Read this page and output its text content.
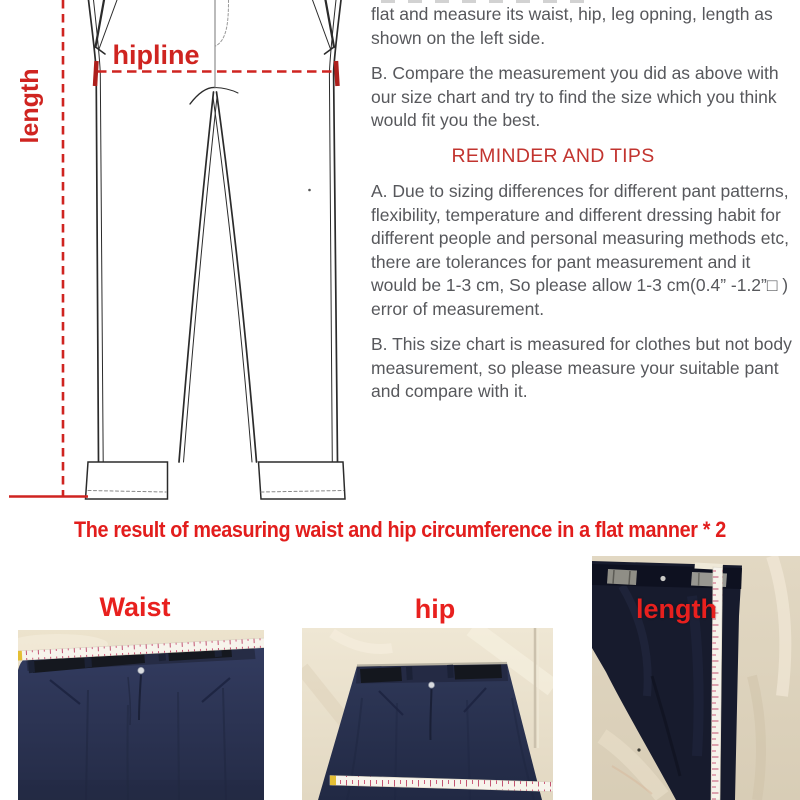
hipline
length

flat and measure its waist, hip, leg opning, length as shown on the left side.

B. Compare the measurement you did as above with our size chart and try to find the size which you think would fit you the best.

REMINDER AND TIPS

A. Due to sizing differences for different pant patterns, flexibility, temperature and different dressing habit for different people and personal measuring methods etc, there are tolerances for pant measurement and it would be 1-3 cm, So please allow 1-3 cm(0.4” -1.2”□ ) error of measurement.

B. This size chart is measured for clothes but not body measurement, so please measure your suitable pant and compare with it.

The result of measuring waist and hip circumference in a flat manner * 2
Waist	hip	length
